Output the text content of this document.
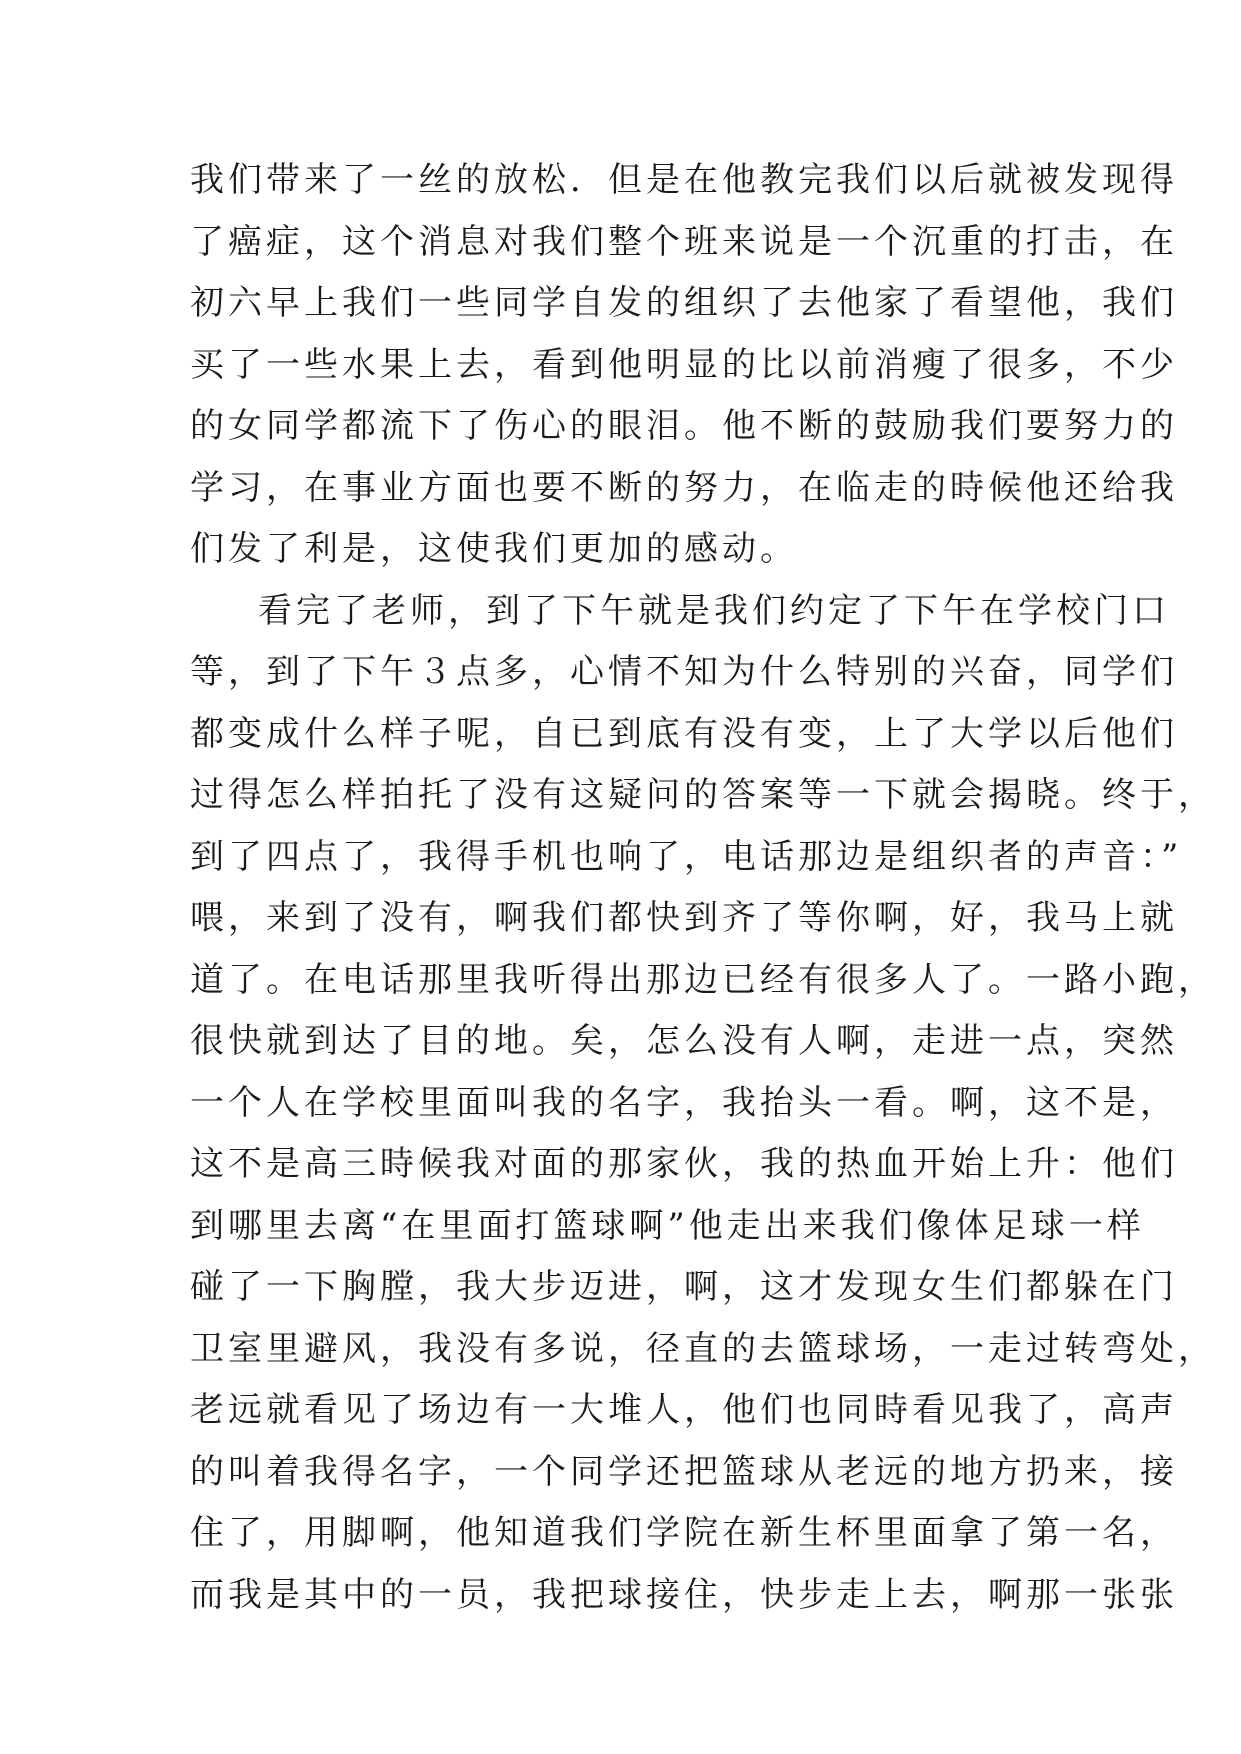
我们带来了一丝的放松．但是在他教完我们以后就被发现得
了癌症，这个消息对我们整个班来说是一个沉重的打击，在
初六早上我们一些同学自发的组织了去他家了看望他，我们
买了一些水果上去，看到他明显的比以前消瘦了很多，不少
的女同学都流下了伤心的眼泪。他不断的鼓励我们要努力的
学习，在事业方面也要不断的努力，在临走的時候他还给我
们发了利是，这使我们更加的感动。
看完了老师，到了下午就是我们约定了下午在学校门口
等，到了下午３点多，心情不知为什么特别的兴奋，同学们
都变成什么样子呢，自已到底有没有变，上了大学以后他们
过得怎么样拍托了没有这疑问的答案等一下就会揭晓。终于，
到了四点了，我得手机也响了，电话那边是组织者的声音：”
喂，来到了没有，啊我们都快到齐了等你啊，好，我马上就
道了。在电话那里我听得出那边已经有很多人了。一路小跑，
很快就到达了目的地。矣，怎么没有人啊，走进一点，突然
一个人在学校里面叫我的名字，我抬头一看。啊，这不是，
这不是高三時候我对面的那家伙，我的热血开始上升：他们
到哪里去离“在里面打篮球啊”他走出来我们像体足球一样
碰了一下胸膛，我大步迈进，啊，这才发现女生们都躲在门
卫室里避风，我没有多说，径直的去篮球场，一走过转弯处，
老远就看见了场边有一大堆人，他们也同時看见我了，高声
的叫着我得名字，一个同学还把篮球从老远的地方扔来，接
住了，用脚啊，他知道我们学院在新生杯里面拿了第一名，
而我是其中的一员，我把球接住，快步走上去，啊那一张张
